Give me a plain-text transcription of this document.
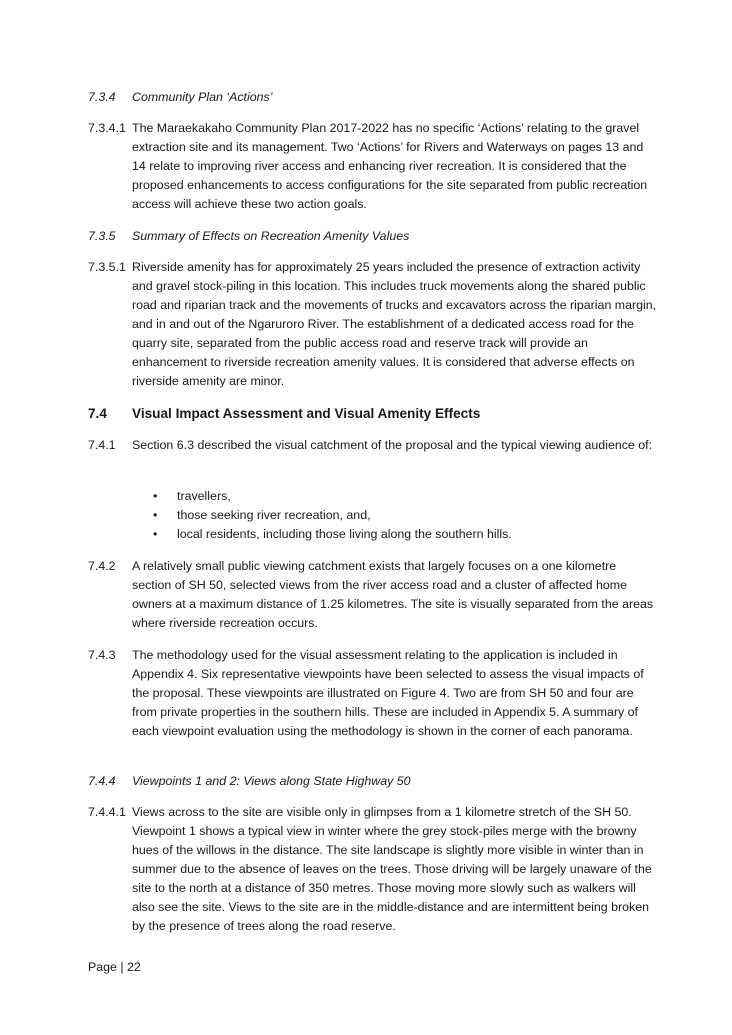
7.3.4	Community Plan ‘Actions’
7.3.4.1 The Maraekakaho Community Plan 2017-2022 has no specific ‘Actions’ relating to the gravel extraction site and its management. Two ‘Actions’ for Rivers and Waterways on pages 13 and 14 relate to improving river access and enhancing river recreation. It is considered that the proposed enhancements to access configurations for the site separated from public recreation access will achieve these two action goals.
7.3.5	Summary of Effects on Recreation Amenity Values
7.3.5.1 Riverside amenity has for approximately 25 years included the presence of extraction activity and gravel stock-piling in this location. This includes truck movements along the shared public road and riparian track and the movements of trucks and excavators across the riparian margin, and in and out of the Ngaruroro River. The establishment of a dedicated access road for the quarry site, separated from the public access road and reserve track will provide an enhancement to riverside recreation amenity values. It is considered that adverse effects on riverside amenity are minor.
7.4	Visual Impact Assessment and Visual Amenity Effects
7.4.1	Section 6.3 described the visual catchment of the proposal and the typical viewing audience of:
•	travellers,
•	those seeking river recreation, and,
•	local residents, including those living along the southern hills.
7.4.2	A relatively small public viewing catchment exists that largely focuses on a one kilometre section of SH 50, selected views from the river access road and a cluster of affected home owners at a maximum distance of 1.25 kilometres. The site is visually separated from the areas where riverside recreation occurs.
7.4.3	The methodology used for the visual assessment relating to the application is included in Appendix 4. Six representative viewpoints have been selected to assess the visual impacts of the proposal. These viewpoints are illustrated on Figure 4. Two are from SH 50 and four are from private properties in the southern hills. These are included in Appendix 5. A summary of each viewpoint evaluation using the methodology is shown in the corner of each panorama.
7.4.4	Viewpoints 1 and 2: Views along State Highway 50
7.4.4.1 Views across to the site are visible only in glimpses from a 1 kilometre stretch of the SH 50. Viewpoint 1 shows a typical view in winter where the grey stock-piles merge with the browny hues of the willows in the distance. The site landscape is slightly more visible in winter than in summer due to the absence of leaves on the trees. Those driving will be largely unaware of the site to the north at a distance of 350 metres. Those moving more slowly such as walkers will also see the site. Views to the site are in the middle-distance and are intermittent being broken by the presence of trees along the road reserve.
Page | 22
